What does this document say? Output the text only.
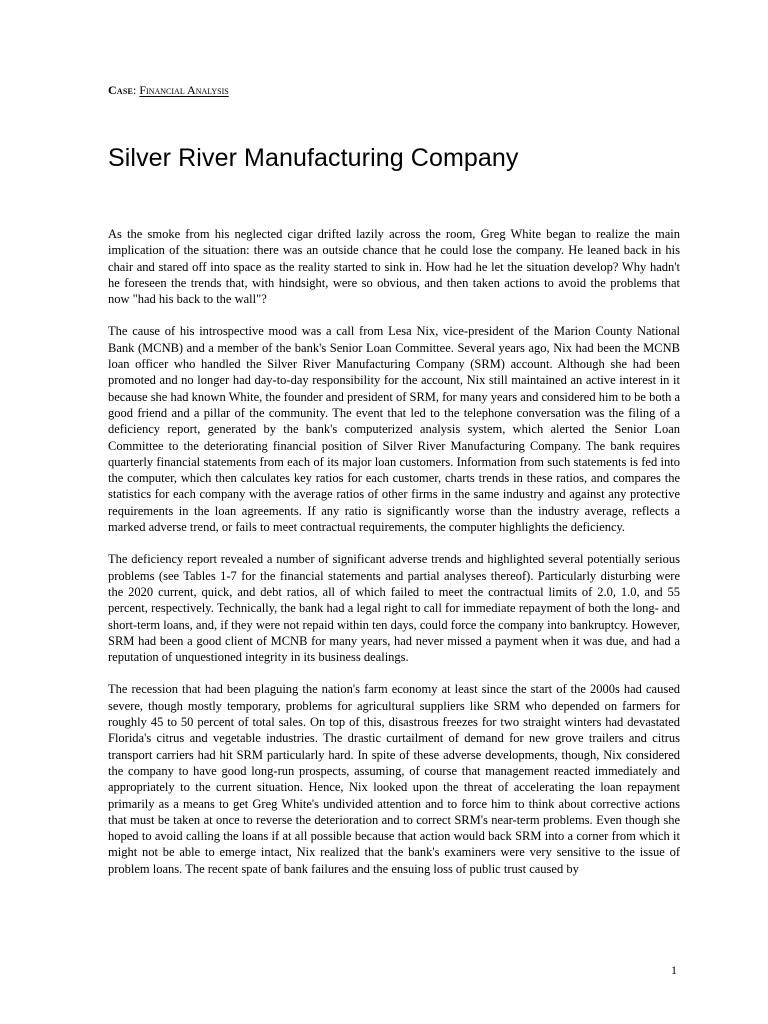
Case: Financial Analysis
Silver River Manufacturing Company

As the smoke from his neglected cigar drifted lazily across the room, Greg White began to realize the main implication of the situation: there was an outside chance that he could lose the company. He leaned back in his chair and stared off into space as the reality started to sink in. How had he let the situation develop? Why hadn't he foreseen the trends that, with hindsight, were so obvious, and then taken actions to avoid the problems that now "had his back to the wall"?

The cause of his introspective mood was a call from Lesa Nix, vice-president of the Marion County National Bank (MCNB) and a member of the bank's Senior Loan Committee. Several years ago, Nix had been the MCNB loan officer who handled the Silver River Manufacturing Company (SRM) account. Although she had been promoted and no longer had day-to-day responsibility for the account, Nix still maintained an active interest in it because she had known White, the founder and president of SRM, for many years and considered him to be both a good friend and a pillar of the community. The event that led to the telephone conversation was the filing of a deficiency report, generated by the bank's computerized analysis system, which alerted the Senior Loan Committee to the deteriorating financial position of Silver River Manufacturing Company. The bank requires quarterly financial statements from each of its major loan customers. Information from such statements is fed into the computer, which then calculates key ratios for each customer, charts trends in these ratios, and compares the statistics for each company with the average ratios of other firms in the same industry and against any protective requirements in the loan agreements. If any ratio is significantly worse than the industry average, reflects a marked adverse trend, or fails to meet contractual requirements, the computer highlights the deficiency.

The deficiency report revealed a number of significant adverse trends and highlighted several potentially serious problems (see Tables 1-7 for the financial statements and partial analyses thereof). Particularly disturbing were the 2020 current, quick, and debt ratios, all of which failed to meet the contractual limits of 2.0, 1.0, and 55 percent, respectively. Technically, the bank had a legal right to call for immediate repayment of both the long- and short-term loans, and, if they were not repaid within ten days, could force the company into bankruptcy. However, SRM had been a good client of MCNB for many years, had never missed a payment when it was due, and had a reputation of unquestioned integrity in its business dealings.

The recession that had been plaguing the nation's farm economy at least since the start of the 2000s had caused severe, though mostly temporary, problems for agricultural suppliers like SRM who depended on farmers for roughly 45 to 50 percent of total sales. On top of this, disastrous freezes for two straight winters had devastated Florida's citrus and vegetable industries. The drastic curtailment of demand for new grove trailers and citrus transport carriers had hit SRM particularly hard. In spite of these adverse developments, though, Nix considered the company to have good long-run prospects, assuming, of course that management reacted immediately and appropriately to the current situation. Hence, Nix looked upon the threat of accelerating the loan repayment primarily as a means to get Greg White's undivided attention and to force him to think about corrective actions that must be taken at once to reverse the deterioration and to correct SRM's near-term problems. Even though she hoped to avoid calling the loans if at all possible because that action would back SRM into a corner from which it might not be able to emerge intact, Nix realized that the bank's examiners were very sensitive to the issue of problem loans. The recent spate of bank failures and the ensuing loss of public trust caused by

1
